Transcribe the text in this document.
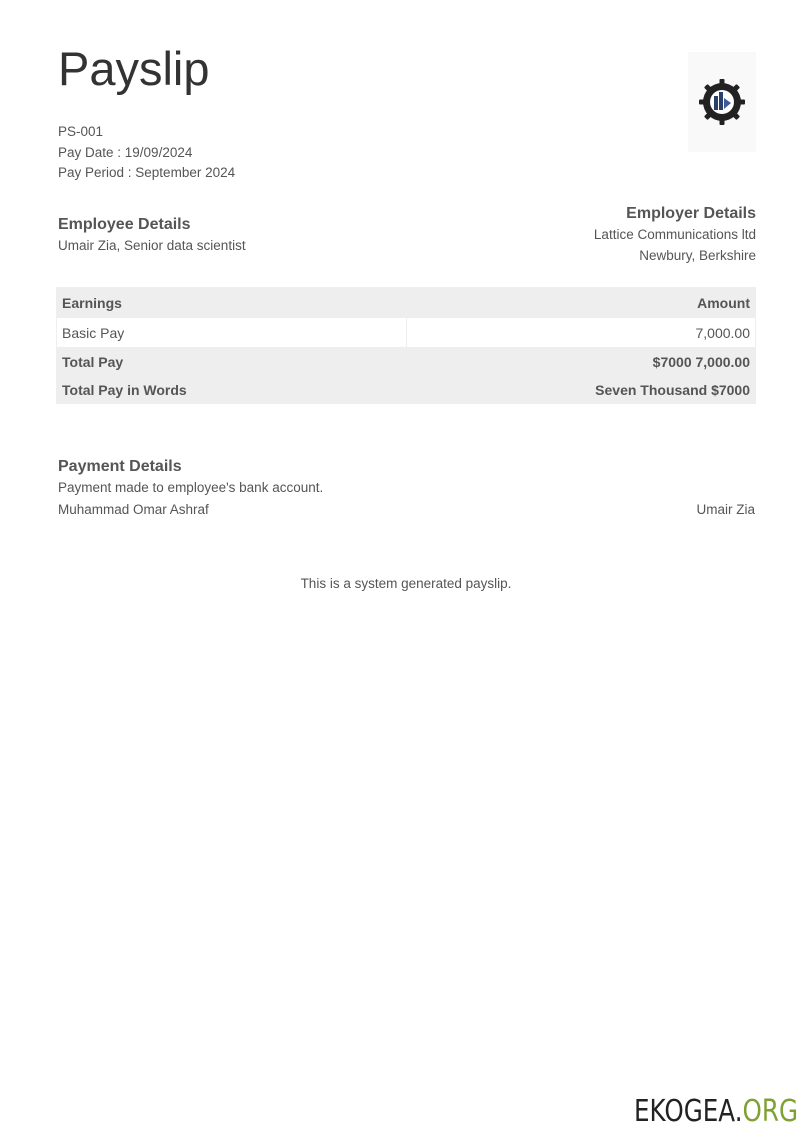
Payslip
PS-001
Pay Date : 19/09/2024
Pay Period : September 2024
Employee Details
Umair Zia, Senior data scientist
Employer Details
Lattice Communications ltd
Newbury, Berkshire
Earnings	Amount
Basic Pay	7,000.00
Total Pay	$7000 7,000.00
Total Pay in Words	Seven Thousand $7000
Payment Details
Payment made to employee's bank account.
Muhammad Omar Ashraf	Umair Zia
This is a system generated payslip.
EKOGEA.ORG
